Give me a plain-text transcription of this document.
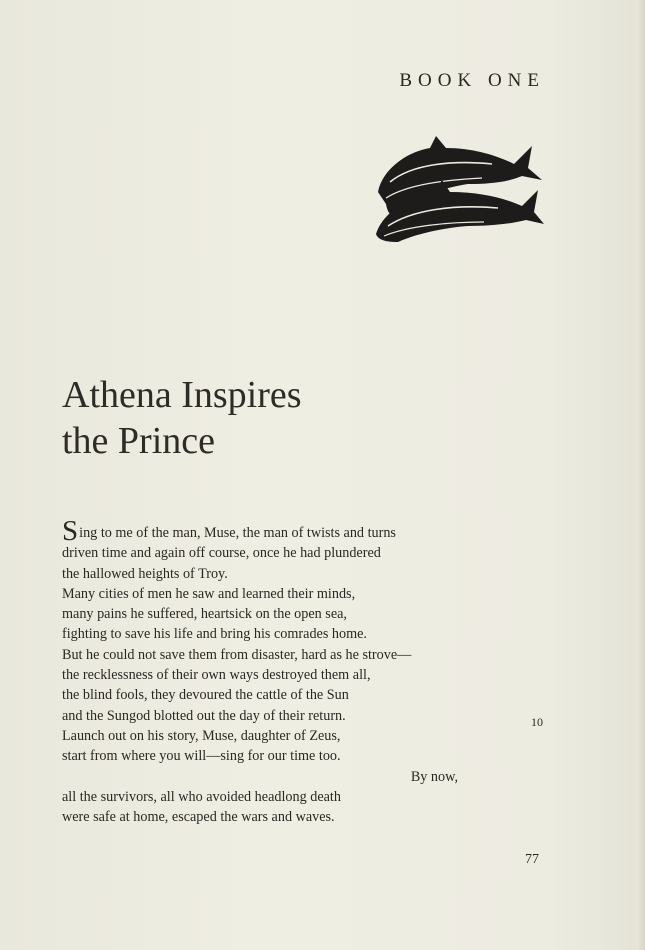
BOOK ONE
Athena Inspires
the Prince
Sing to me of the man, Muse, the man of twists and turns
driven time and again off course, once he had plundered
the hallowed heights of Troy.
Many cities of men he saw and learned their minds,
many pains he suffered, heartsick on the open sea,
fighting to save his life and bring his comrades home.
But he could not save them from disaster, hard as he strove—
the recklessness of their own ways destroyed them all,
the blind fools, they devoured the cattle of the Sun
and the Sungod blotted out the day of their return.
Launch out on his story, Muse, daughter of Zeus,
start from where you will—sing for our time too.
By now,
all the survivors, all who avoided headlong death
were safe at home, escaped the wars and waves.
10
77
